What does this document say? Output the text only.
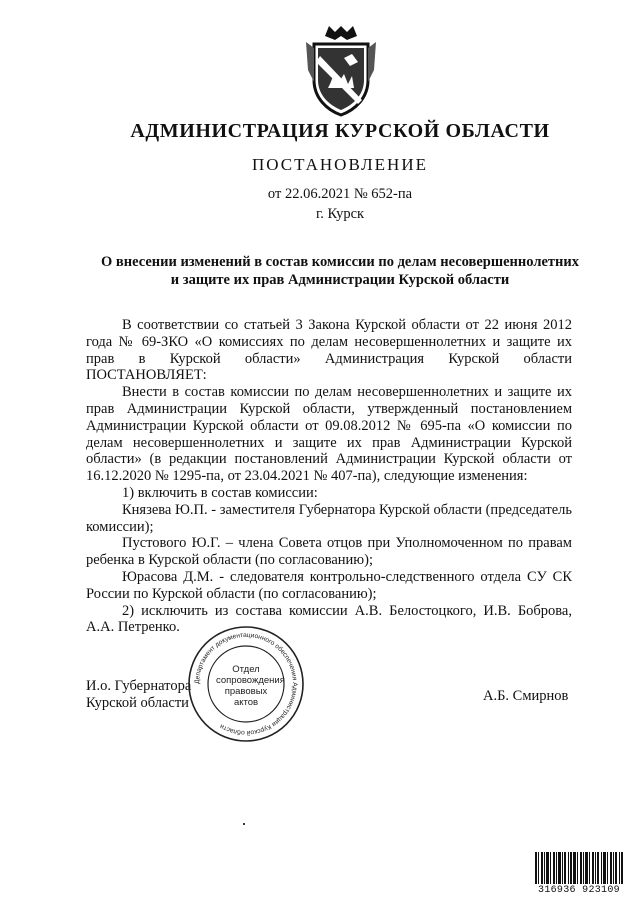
АДМИНИСТРАЦИЯ КУРСКОЙ ОБЛАСТИ
ПОСТАНОВЛЕНИЕ
от 22.06.2021 № 652-па
г. Курск
О внесении изменений в состав комиссии по делам несовершеннолетних
и защите их прав Администрации Курской области

В соответствии со статьей 3 Закона Курской области от 22 июня 2012 года № 69-ЗКО «О комиссиях по делам несовершеннолетних и защите их прав в Курской области» Администрация Курской области ПОСТАНОВЛЯЕТ:

Внести в состав комиссии по делам несовершеннолетних и защите их прав Администрации Курской области, утвержденный постановлением Администрации Курской области от 09.08.2012 № 695-па «О комиссии по делам несовершеннолетних и защите их прав Администрации Курской области» (в редакции постановлений Администрации Курской области от 16.12.2020 № 1295-па, от 23.04.2021 № 407-па), следующие изменения:

1) включить в состав комиссии:

Князева Ю.П. - заместителя Губернатора Курской области (председатель комиссии);

Пустового Ю.Г. – члена Совета отцов при Уполномоченном по правам ребенка в Курской области (по согласованию);

Юрасова Д.М. - следователя контрольно-следственного отдела СУ СК России по Курской области (по согласованию);

2) исключить из состава комиссии А.В. Белостоцкого, И.В. Боброва, А.А. Петренко.

И.о. Губернатора
Курской области	А.Б. Смирнов
Департамент документационного обеспечения Администрации Курской области
Отдел
сопровождения
правовых
актов
316936 923109
